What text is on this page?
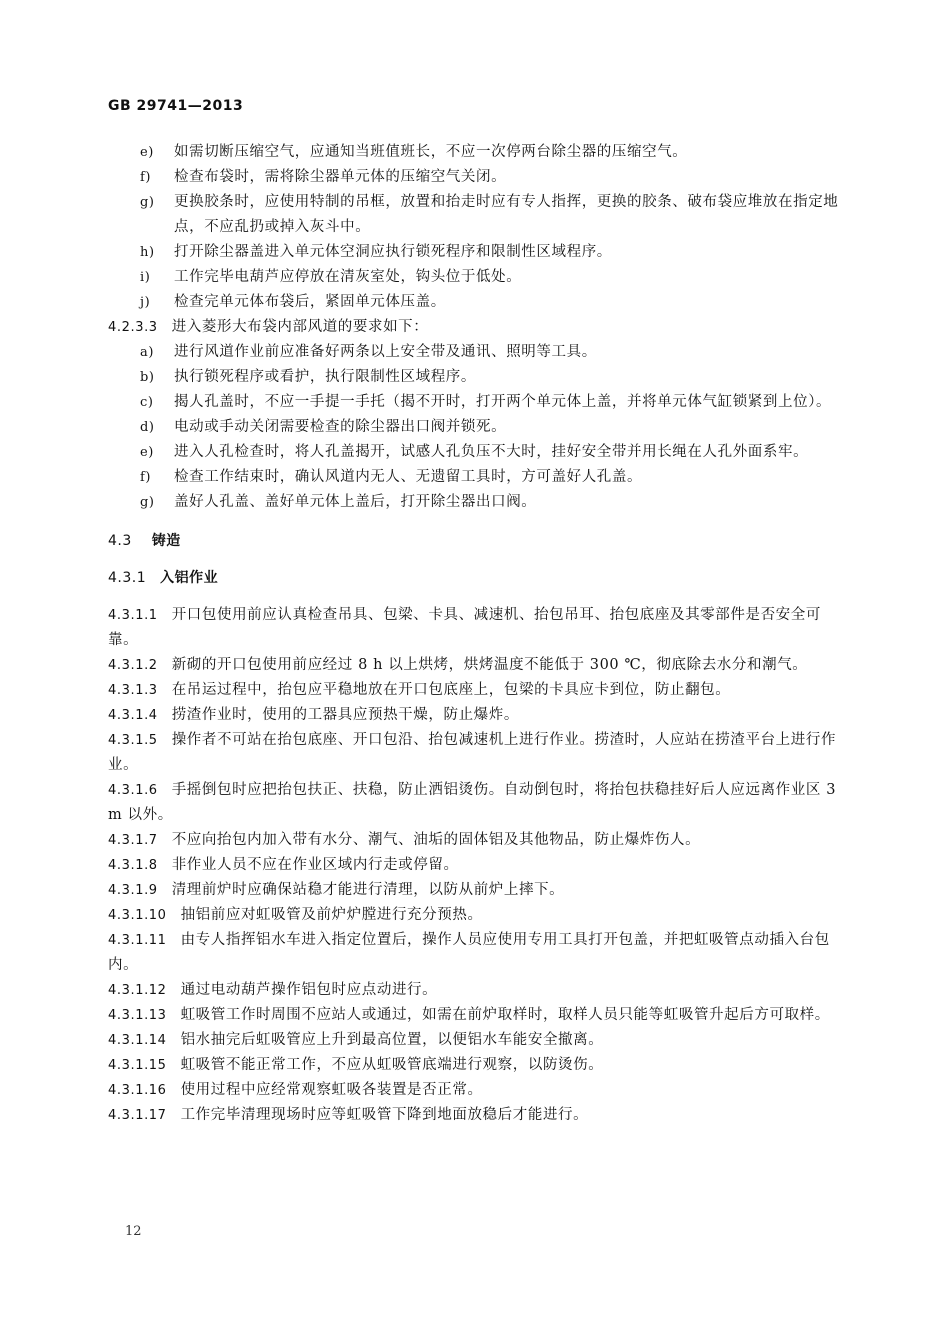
GB 29741—2013
e) 如需切断压缩空气，应通知当班值班长，不应一次停两台除尘器的压缩空气。
f) 检查布袋时，需将除尘器单元体的压缩空气关闭。
g) 更换胶条时，应使用特制的吊框，放置和抬走时应有专人指挥，更换的胶条、破布袋应堆放在指定地点，不应乱扔或掉入灰斗中。
h) 打开除尘器盖进入单元体空洞应执行锁死程序和限制性区域程序。
i) 工作完毕电葫芦应停放在清灰室处，钩头位于低处。
j) 检查完单元体布袋后，紧固单元体压盖。
4.2.3.3 进入菱形大布袋内部风道的要求如下：
a) 进行风道作业前应准备好两条以上安全带及通讯、照明等工具。
b) 执行锁死程序或看护，执行限制性区域程序。
c) 揭人孔盖时，不应一手提一手托（揭不开时，打开两个单元体上盖，并将单元体气缸锁紧到上位）。
d) 电动或手动关闭需要检查的除尘器出口阀并锁死。
e) 进入人孔检查时，将人孔盖揭开，试感人孔负压不大时，挂好安全带并用长绳在人孔外面系牢。
f) 检查工作结束时，确认风道内无人、无遗留工具时，方可盖好人孔盖。
g) 盖好人孔盖、盖好单元体上盖后，打开除尘器出口阀。
4.3 铸造
4.3.1 入铝作业
4.3.1.1 开口包使用前应认真检查吊具、包梁、卡具、减速机、抬包吊耳、抬包底座及其零部件是否安全可靠。
4.3.1.2 新砌的开口包使用前应经过 8 h 以上烘烤，烘烤温度不能低于 300 ℃，彻底除去水分和潮气。
4.3.1.3 在吊运过程中，抬包应平稳地放在开口包底座上，包梁的卡具应卡到位，防止翻包。
4.3.1.4 捞渣作业时，使用的工器具应预热干燥，防止爆炸。
4.3.1.5 操作者不可站在抬包底座、开口包沿、抬包减速机上进行作业。捞渣时，人应站在捞渣平台上进行作业。
4.3.1.6 手摇倒包时应把抬包扶正、扶稳，防止洒铝烫伤。自动倒包时，将抬包扶稳挂好后人应远离作业区 3 m 以外。
4.3.1.7 不应向抬包内加入带有水分、潮气、油垢的固体铝及其他物品，防止爆炸伤人。
4.3.1.8 非作业人员不应在作业区域内行走或停留。
4.3.1.9 清理前炉时应确保站稳才能进行清理，以防从前炉上摔下。
4.3.1.10 抽铝前应对虹吸管及前炉炉膛进行充分预热。
4.3.1.11 由专人指挥铝水车进入指定位置后，操作人员应使用专用工具打开包盖，并把虹吸管点动插入台包内。
4.3.1.12 通过电动葫芦操作铝包时应点动进行。
4.3.1.13 虹吸管工作时周围不应站人或通过，如需在前炉取样时，取样人员只能等虹吸管升起后方可取样。
4.3.1.14 铝水抽完后虹吸管应上升到最高位置，以便铝水车能安全撤离。
4.3.1.15 虹吸管不能正常工作，不应从虹吸管底端进行观察，以防烫伤。
4.3.1.16 使用过程中应经常观察虹吸各装置是否正常。
4.3.1.17 工作完毕清理现场时应等虹吸管下降到地面放稳后才能进行。
12
